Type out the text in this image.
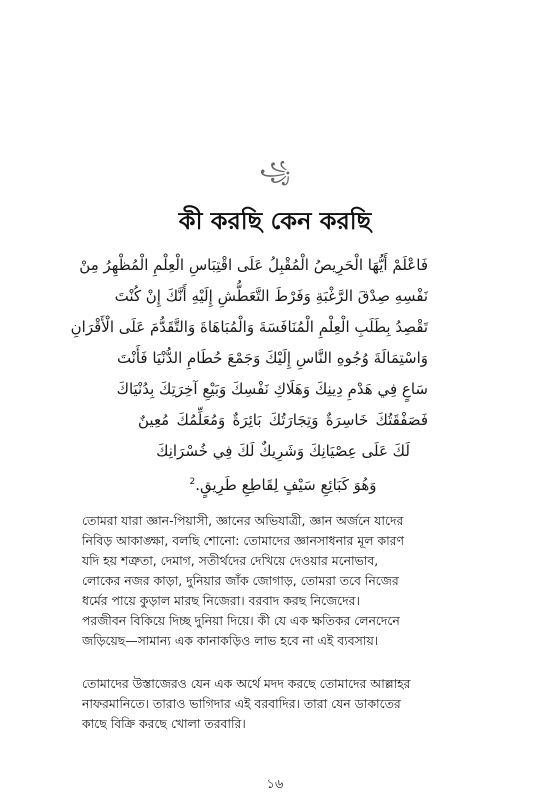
꧁
কী করছি কেন করছি
فَاعْلَمْ أَيُّهَا الْحَرِيصُ الْمُقْبِلُ عَلَى اقْتِبَاسِ الْعِلْمِ الْمُظْهِرُ مِنْ
نَفْسِهِ صِدْقَ الرَّغْبَةِ وَفَرْطَ التَّعَطُّشِ إِلَيْهِ أَنَّكَ إِنْ كُنْتَ
تَقْصِدُ بِطَلَبِ الْعِلْمِ الْمُنَافَسَةَ وَالْمُبَاهَاةَ وَالتَّقَدُّمَ عَلَى الْأَقْرَانِ
وَاسْتِمَالَةَ وُجُوهِ النَّاسِ إِلَيْكَ وَجَمْعَ حُطَامِ الدُّنْيَا فَأَنْتَ
سَاعٍ فِي هَدْمِ دِينِكَ وَهَلَاكِ نَفْسِكَ وَبَيْعِ آخِرَتِكَ بِدُنْيَاكَ
فَصَفْقَتُكَ خَاسِرَةٌ وَتِجَارَتُكَ بَائِرَةٌ وَمُعَلِّمُكَ مُعِينٌ
لَكَ عَلَى عِصْيَانِكَ وَشَرِيكٌ لَكَ فِي خُسْرَانِكَ
وَهُوَ كَبَائِعِ سَيْفٍ لِقَاطِعِ طَرِيقٍ.$^2$
তোমরা যারা জ্ঞান-পিয়াসী, জ্ঞানের অভিযাত্রী, জ্ঞান অর্জনে যাদের
নিবিড় আকাঙ্ক্ষা, বলছি শোনো: তোমাদের জ্ঞানসাধনার মূল কারণ
যদি হয় শত্রুতা, দেমাগ, সতীর্থদের দেখিয়ে দেওয়ার মনোভাব,
লোকের নজর কাড়া, দুনিয়ার জাঁক জোগাড়, তোমরা তবে নিজের
ধর্মের পায়ে কুড়াল মারছ নিজেরা। বরবাদ করছ নিজেদের।
পরজীবন বিকিয়ে দিচ্ছ দুনিয়া দিয়ে। কী যে এক ক্ষতিকর লেনদেনে
জড়িয়েছ—সামান্য এক কানাকড়িও লাভ হবে না এই ব্যবসায়।
তোমাদের উস্তাজেরও যেন এক অর্থে মদদ করছে তোমাদের আল্লাহর
নাফরমানিতে। তারাও ভাগিদার এই বরবাদির। তারা যেন ডাকাতের
কাছে বিক্রি করছে খোলা তরবারি।
১৬
